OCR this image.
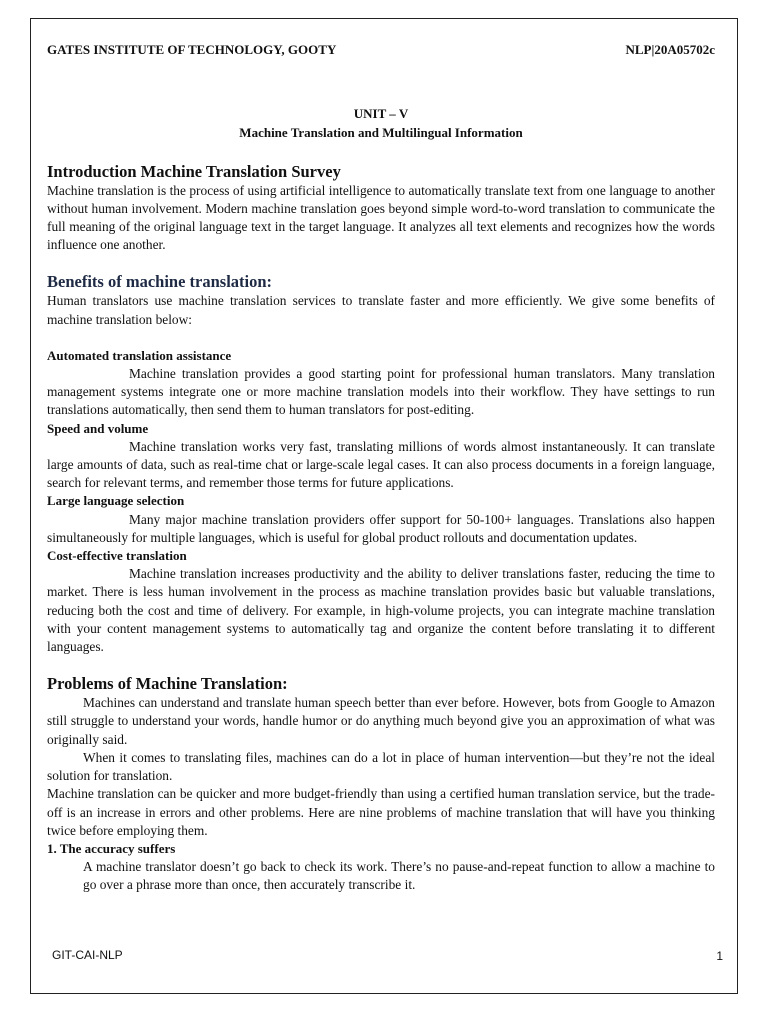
GATES INSTITUTE OF TECHNOLOGY, GOOTY	NLP|20A05702c
UNIT – V
Machine Translation and Multilingual Information
Introduction Machine Translation Survey

Machine translation is the process of using artificial intelligence to automatically translate text from one language to another without human involvement. Modern machine translation goes beyond simple word-to-word translation to communicate the full meaning of the original language text in the target language. It analyzes all text elements and recognizes how the words influence one another.

Benefits of machine translation:

Human translators use machine translation services to translate faster and more efficiently. We give some benefits of machine translation below:

Automated translation assistance

Machine translation provides a good starting point for professional human translators. Many translation management systems integrate one or more machine translation models into their workflow. They have settings to run translations automatically, then send them to human translators for post-editing.

Speed and volume

Machine translation works very fast, translating millions of words almost instantaneously. It can translate large amounts of data, such as real-time chat or large-scale legal cases. It can also process documents in a foreign language, search for relevant terms, and remember those terms for future applications.

Large language selection

Many major machine translation providers offer support for 50-100+ languages. Translations also happen simultaneously for multiple languages, which is useful for global product rollouts and documentation updates.

Cost-effective translation

Machine translation increases productivity and the ability to deliver translations faster, reducing the time to market. There is less human involvement in the process as machine translation provides basic but valuable translations, reducing both the cost and time of delivery. For example, in high-volume projects, you can integrate machine translation with your content management systems to automatically tag and organize the content before translating it to different languages.

Problems of Machine Translation:

Machines can understand and translate human speech better than ever before. However, bots from Google to Amazon still struggle to understand your words, handle humor or do anything much beyond give you an approximation of what was originally said.

When it comes to translating files, machines can do a lot in place of human intervention—but they’re not the ideal solution for translation.

Machine translation can be quicker and more budget-friendly than using a certified human translation service, but the trade-off is an increase in errors and other problems. Here are nine problems of machine translation that will have you thinking twice before employing them.

1. The accuracy suffers

A machine translator doesn’t go back to check its work. There’s no pause-and-repeat function to allow a machine to go over a phrase more than once, then accurately transcribe it.

1
GIT-CAI-NLP
